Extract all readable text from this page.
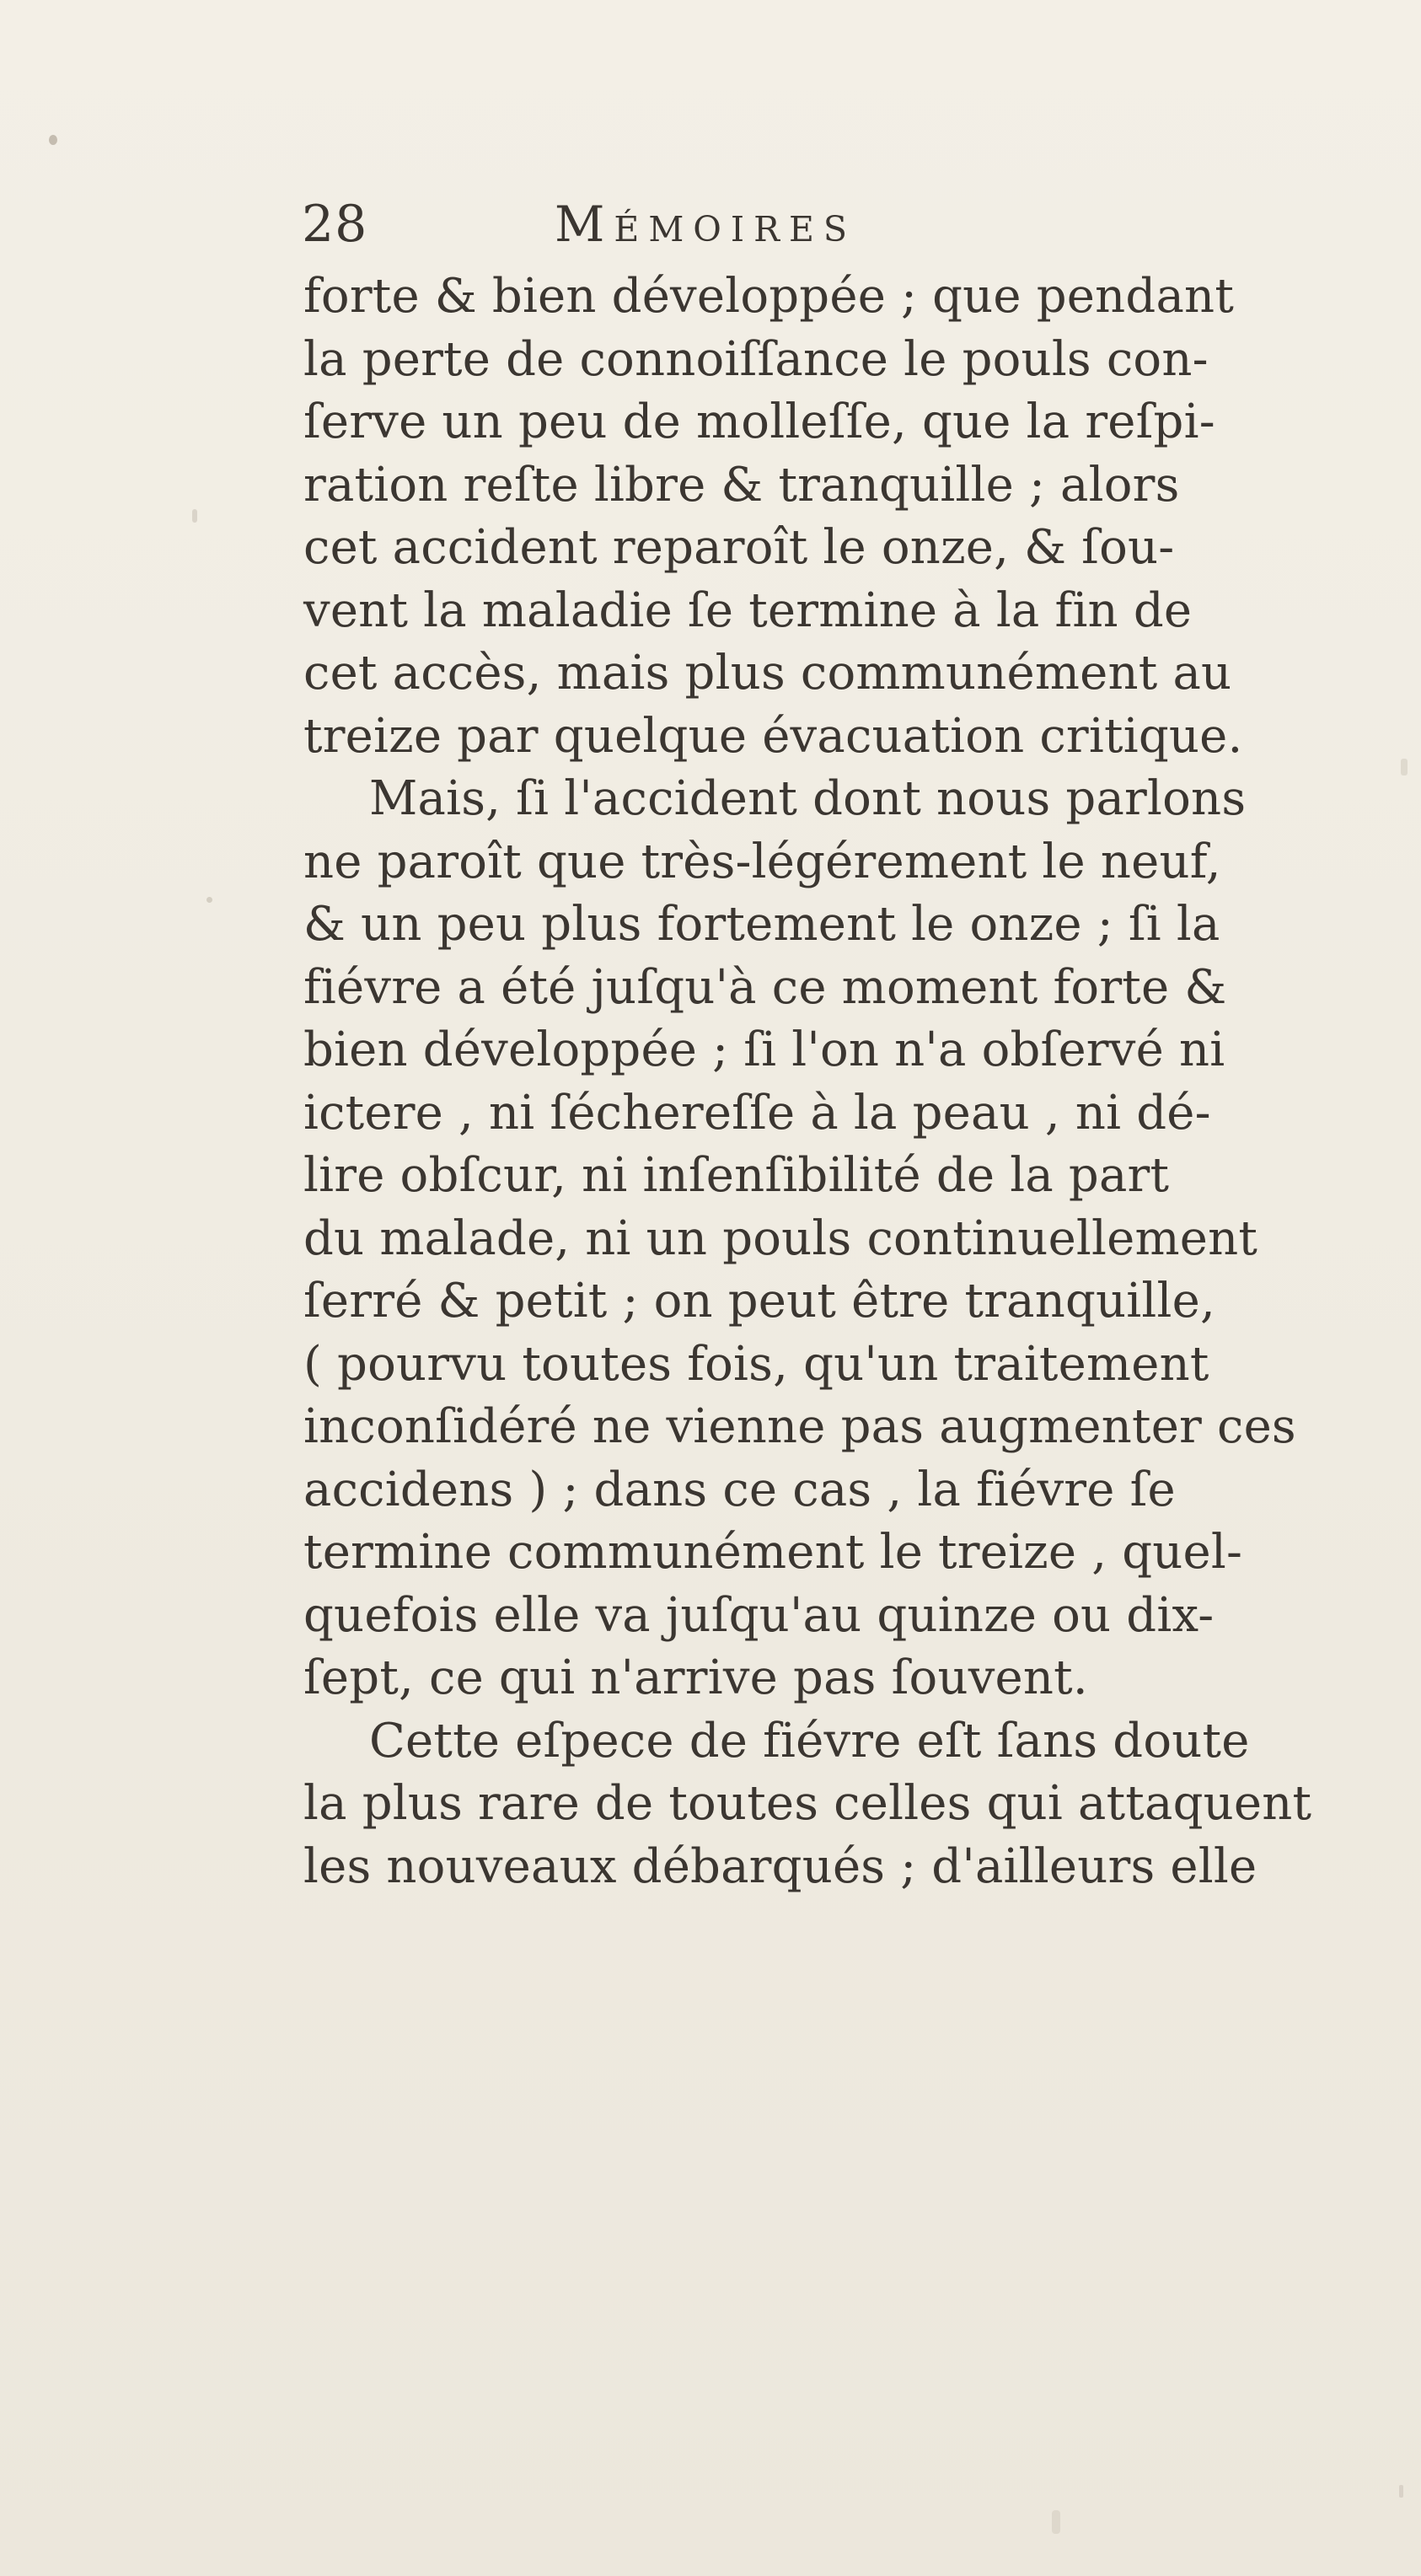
28	Mémoires
forte & bien développée ; que pendant
la perte de connoiſſance le pouls con-
ſerve un peu de molleſſe, que la reſpi-
ration reſte libre & tranquille ; alors
cet accident reparoît le onze, & ſou-
vent la maladie ſe termine à la fin de
cet accès, mais plus communément au
treize par quelque évacuation critique.
Mais, ſi l'accident dont nous parlons
ne paroît que très-légérement le neuf,
& un peu plus fortement le onze ; ſi la
fiévre a été juſqu'à ce moment forte &
bien développée ; ſi l'on n'a obſervé ni
ictere , ni ſéchereſſe à la peau , ni dé-
lire obſcur, ni inſenſibilité de la part
du malade, ni un pouls continuellement
ſerré & petit ; on peut être tranquille,
( pourvu toutes fois, qu'un traitement
inconſidéré ne vienne pas augmenter ces
accidens ) ; dans ce cas , la fiévre ſe
termine communément le treize , quel-
quefois elle va juſqu'au quinze ou dix-
ſept, ce qui n'arrive pas ſouvent.
Cette eſpece de fiévre eſt ſans doute
la plus rare de toutes celles qui attaquent
les nouveaux débarqués ; d'ailleurs elle
